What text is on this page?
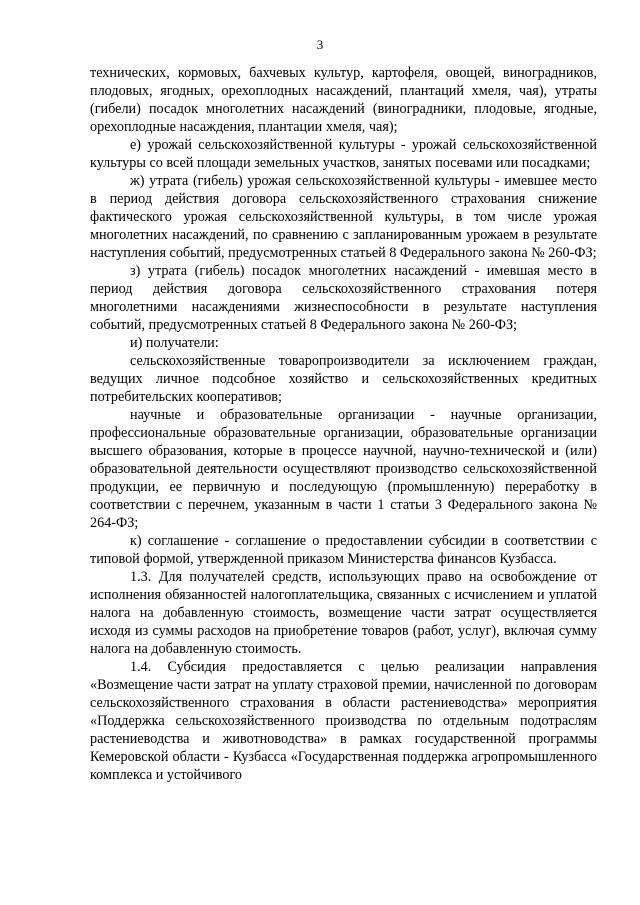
3

технических, кормовых, бахчевых культур, картофеля, овощей, виноградников, плодовых, ягодных, орехоплодных насаждений, плантаций хмеля, чая), утраты (гибели) посадок многолетних насаждений (виноградники, плодовые, ягодные, орехоплодные насаждения, плантации хмеля, чая);

е) урожай сельскохозяйственной культуры - урожай сельскохозяйственной культуры со всей площади земельных участков, занятых посевами или посадками;

ж) утрата (гибель) урожая сельскохозяйственной культуры - имевшее место в период действия договора сельскохозяйственного страхования снижение фактического урожая сельскохозяйственной культуры, в том числе урожая многолетних насаждений, по сравнению с запланированным урожаем в результате наступления событий, предусмотренных статьей 8 Федерального закона № 260-ФЗ;

з) утрата (гибель) посадок многолетних насаждений - имевшая место в период действия договора сельскохозяйственного страхования потеря многолетними насаждениями жизнеспособности в результате наступления событий, предусмотренных статьей 8 Федерального закона № 260-ФЗ;

и) получатели:

сельскохозяйственные товаропроизводители за исключением граждан, ведущих личное подсобное хозяйство и сельскохозяйственных кредитных потребительских кооперативов;

научные и образовательные организации - научные организации, профессиональные образовательные организации, образовательные организации высшего образования, которые в процессе научной, научно-технической и (или) образовательной деятельности осуществляют производство сельскохозяйственной продукции, ее первичную и последующую (промышленную) переработку в соответствии с перечнем, указанным в части 1 статьи 3 Федерального закона № 264-ФЗ;

к) соглашение - соглашение о предоставлении субсидии в соответствии с типовой формой, утвержденной приказом Министерства финансов Кузбасса.

1.3. Для получателей средств, использующих право на освобождение от исполнения обязанностей налогоплательщика, связанных с исчислением и уплатой налога на добавленную стоимость, возмещение части затрат осуществляется исходя из суммы расходов на приобретение товаров (работ, услуг), включая сумму налога на добавленную стоимость.

1.4. Субсидия предоставляется с целью реализации направления «Возмещение части затрат на уплату страховой премии, начисленной по договорам сельскохозяйственного страхования в области растениеводства» мероприятия «Поддержка сельскохозяйственного производства по отдельным подотраслям растениеводства и животноводства» в рамках государственной программы Кемеровской области - Кузбасса «Государственная поддержка агропромышленного комплекса и устойчивого
